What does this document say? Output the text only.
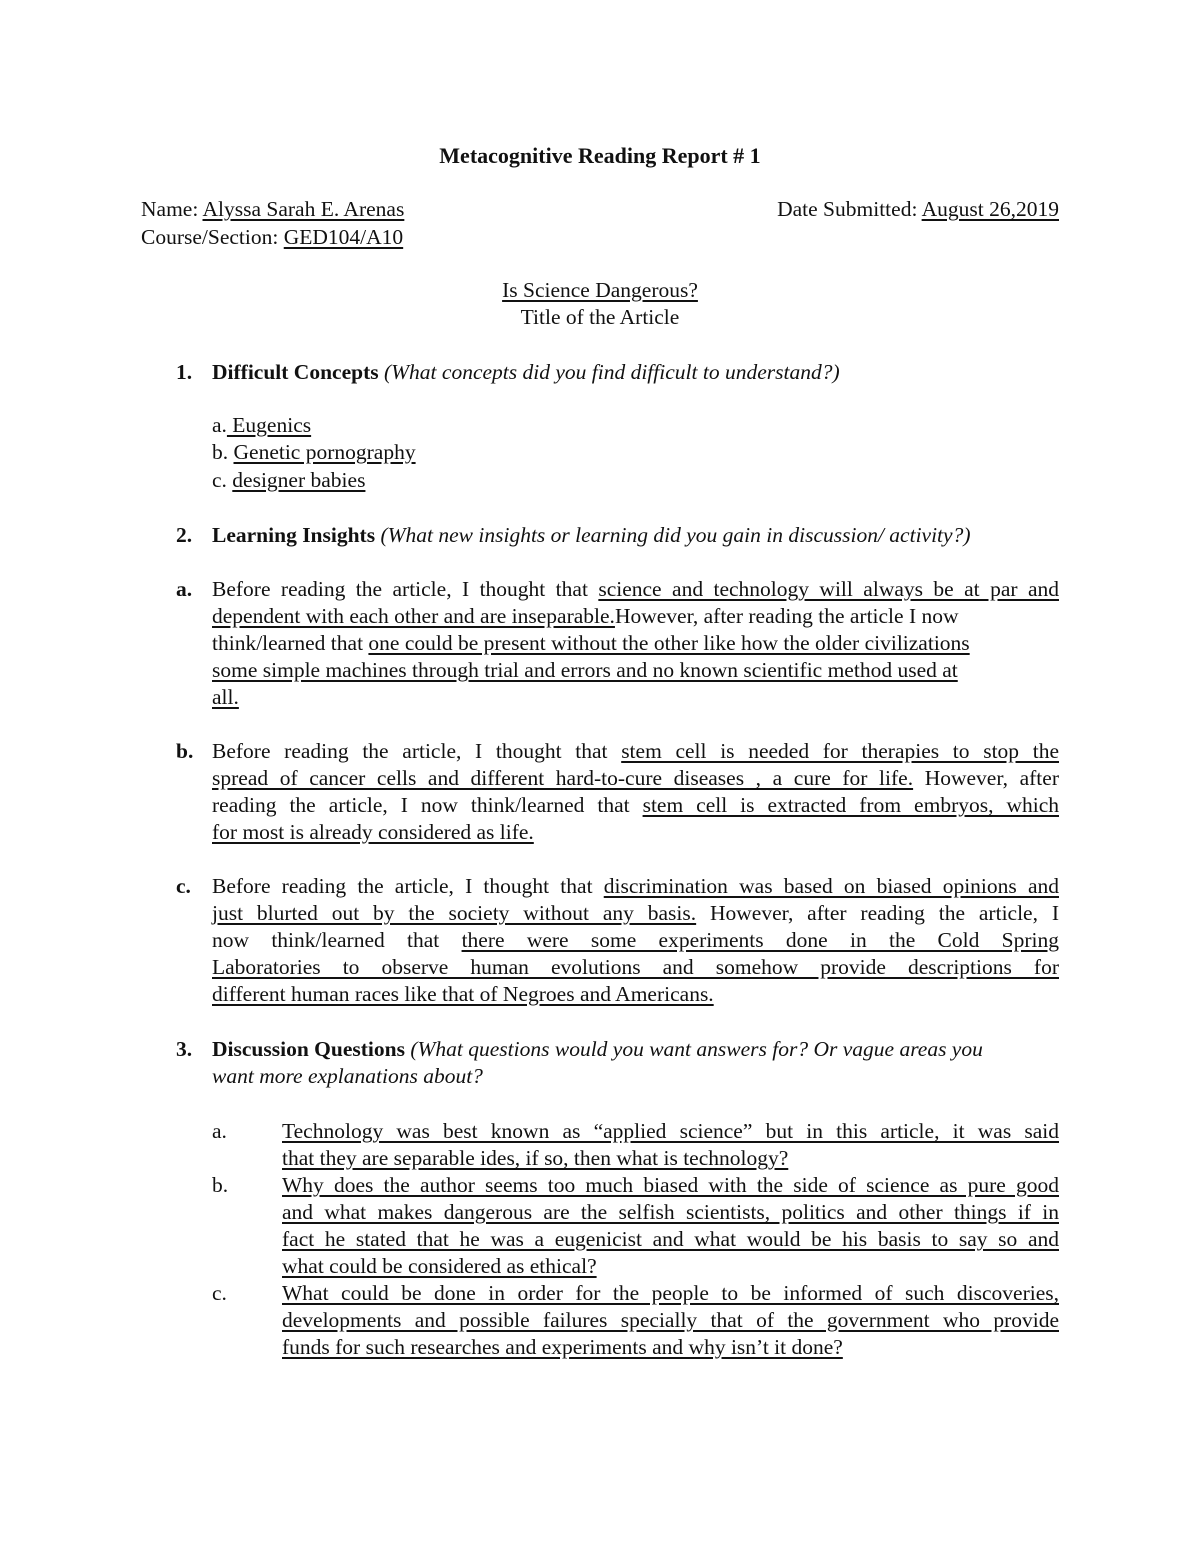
Metacognitive Reading Report # 1
Name: Alyssa Sarah E. Arenas	Date Submitted: August 26,2019
Course/Section: GED104/A10
Is Science Dangerous?
Title of the Article
1. Difficult Concepts (What concepts did you find difficult to understand?)
a. Eugenics
b. Genetic pornography
c. designer babies
2. Learning Insights (What new insights or learning did you gain in discussion/ activity?)
a. Before reading the article, I thought that science and technology will always be at par and
dependent with each other and are inseparable.However, after reading the article I now
think/learned that one could be present without the other like how the older civilizations
some simple machines through trial and errors and no known scientific method used at
all.
b. Before reading the article, I thought that stem cell is needed for therapies to stop the
spread of cancer cells and different hard-to-cure diseases , a cure for life. However, after
reading the article, I now think/learned that stem cell is extracted from embryos, which
for most is already considered as life.
c. Before reading the article, I thought that discrimination was based on biased opinions and
just blurted out by the society without any basis. However, after reading the article, I
now think/learned that there were some experiments done in the Cold Spring
Laboratories to observe human evolutions and somehow provide descriptions for
different human races like that of Negroes and Americans.
3. Discussion Questions (What questions would you want answers for? Or vague areas you
want more explanations about?
a.	Technology was best known as “applied science” but in this article, it was said
that they are separable ides, if so, then what is technology?
b.	Why does the author seems too much biased with the side of science as pure good
and what makes dangerous are the selfish scientists, politics and other things if in
fact he stated that he was a eugenicist and what would be his basis to say so and
what could be considered as ethical?
c.	What could be done in order for the people to be informed of such discoveries,
developments and possible failures specially that of the government who provide
funds for such researches and experiments and why isn’t it done?
